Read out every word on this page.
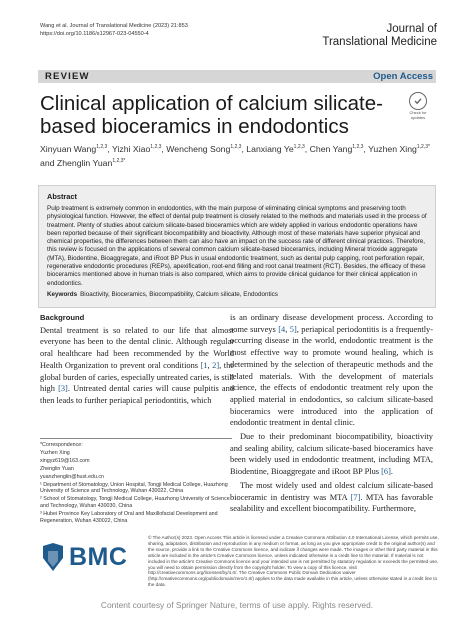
Wang et al. Journal of Translational Medicine (2023) 21:853
https://doi.org/10.1186/s12967-023-04550-4	Journal of
Translational Medicine
REVIEW	Open Access
Clinical application of calcium silicate-based bioceramics in endodontics
Check for
updates
Xinyuan Wang$^{1,2,3}$, Yizhi Xiao$^{1,2,3}$, Wencheng Song$^{1,2,3}$, Lanxiang Ye$^{1,2,3}$, Chen Yang$^{1,2,3}$, Yuzhen Xing$^{1,2,3*}$ and Zhenglin Yuan$^{1,2,3*}$
Abstract
Pulp treatment is extremely common in endodontics, with the main purpose of eliminating clinical symptoms and preserving tooth physiological function. However, the effect of dental pulp treatment is closely related to the methods and materials used in the process of treatment. Plenty of studies about calcium silicate-based bioceramics which are widely applied in various endodontic operations have been reported because of their significant biocompatibility and bioactivity. Although most of these materials have superior physical and chemical properties, the differences between them can also have an impact on the success rate of different clinical practices. Therefore, this review is focused on the applications of several common calcium silicate-based bioceramics, including Mineral trioxide aggregate (MTA), Biodentine, Bioaggregate, and iRoot BP Plus in usual endodontic treatment, such as dental pulp capping, root perforation repair, regenerative endodontic procedures (REPs), apexification, root-end filling and root canal treatment (RCT). Besides, the efficacy of these bioceramics mentioned above in human trials is also compared, which aims to provide clinical guidance for their clinical application in endodontics.
Keywords Bioactivity, Bioceramics, Biocompatibility, Calcium silicate, Endodontics
Background
Dental treatment is so related to our life that almost everyone has been to the dental clinic. Although regular oral healthcare had been recommended by the World Health Organization to prevent oral conditions [1, 2], the global burden of caries, especially untreated caries, is still high [3]. Untreated dental caries will cause pulpitis and then leads to further periapical periodontitis, which
is an ordinary disease development process. According to some surveys [4, 5], periapical periodontitis is a frequently-occurring disease in the world, endodontic treatment is the most effective way to promote wound healing, which is determined by the selection of therapeutic methods and the related materials. With the development of materials science, the effects of endodontic treatment rely upon the applied material in endodontics, so calcium silicate-based bioceramics were introduced into the application of endodontic treatment in dental clinic.
Due to their predominant biocompatibility, bioactivity and sealing ability, calcium silicate-based bioceramics have been widely used in endodontic treatment, including MTA, Biodentine, Bioaggregate and iRoot BP Plus [6].
The most widely used and oldest calcium silicate-based bioceramic in dentistry was MTA [7]. MTA has favorable sealability and excellent biocompatibility. Furthermore,
*Correspondence:
Yuzhen Xing
xingyz619@163.com
Zhenglin Yuan
yuanzhenglin@hust.edu.cn
¹ Department of Stomatology, Union Hospital, Tongji Medical College, Huazhong University of Science and Technology, Wuhan 430022, China
² School of Stomatology, Tongji Medical College, Huazhong University of Science and Technology, Wuhan 430030, China
³ Hubei Province Key Laboratory of Oral and Maxillofacial Development and Regeneration, Wuhan 430022, China
BMC
© The Author(s) 2023. Open Access This article is licensed under a Creative Commons Attribution 4.0 International License, which permits use, sharing, adaptation, distribution and reproduction in any medium or format, as long as you give appropriate credit to the original author(s) and the source, provide a link to the Creative Commons licence, and indicate if changes were made. The images or other third party material in this article are included in the article's Creative Commons licence, unless indicated otherwise in a credit line to the material. If material is not included in the article's Creative Commons licence and your intended use is not permitted by statutory regulation or exceeds the permitted use, you will need to obtain permission directly from the copyright holder. To view a copy of this licence, visit http://creativecommons.org/licenses/by/4.0/. The Creative Commons Public Domain Dedication waiver (http://creativecommons.org/publicdomain/zero/1.0/) applies to the data made available in this article, unless otherwise stated in a credit line to the data.
Content courtesy of Springer Nature, terms of use apply. Rights reserved.
